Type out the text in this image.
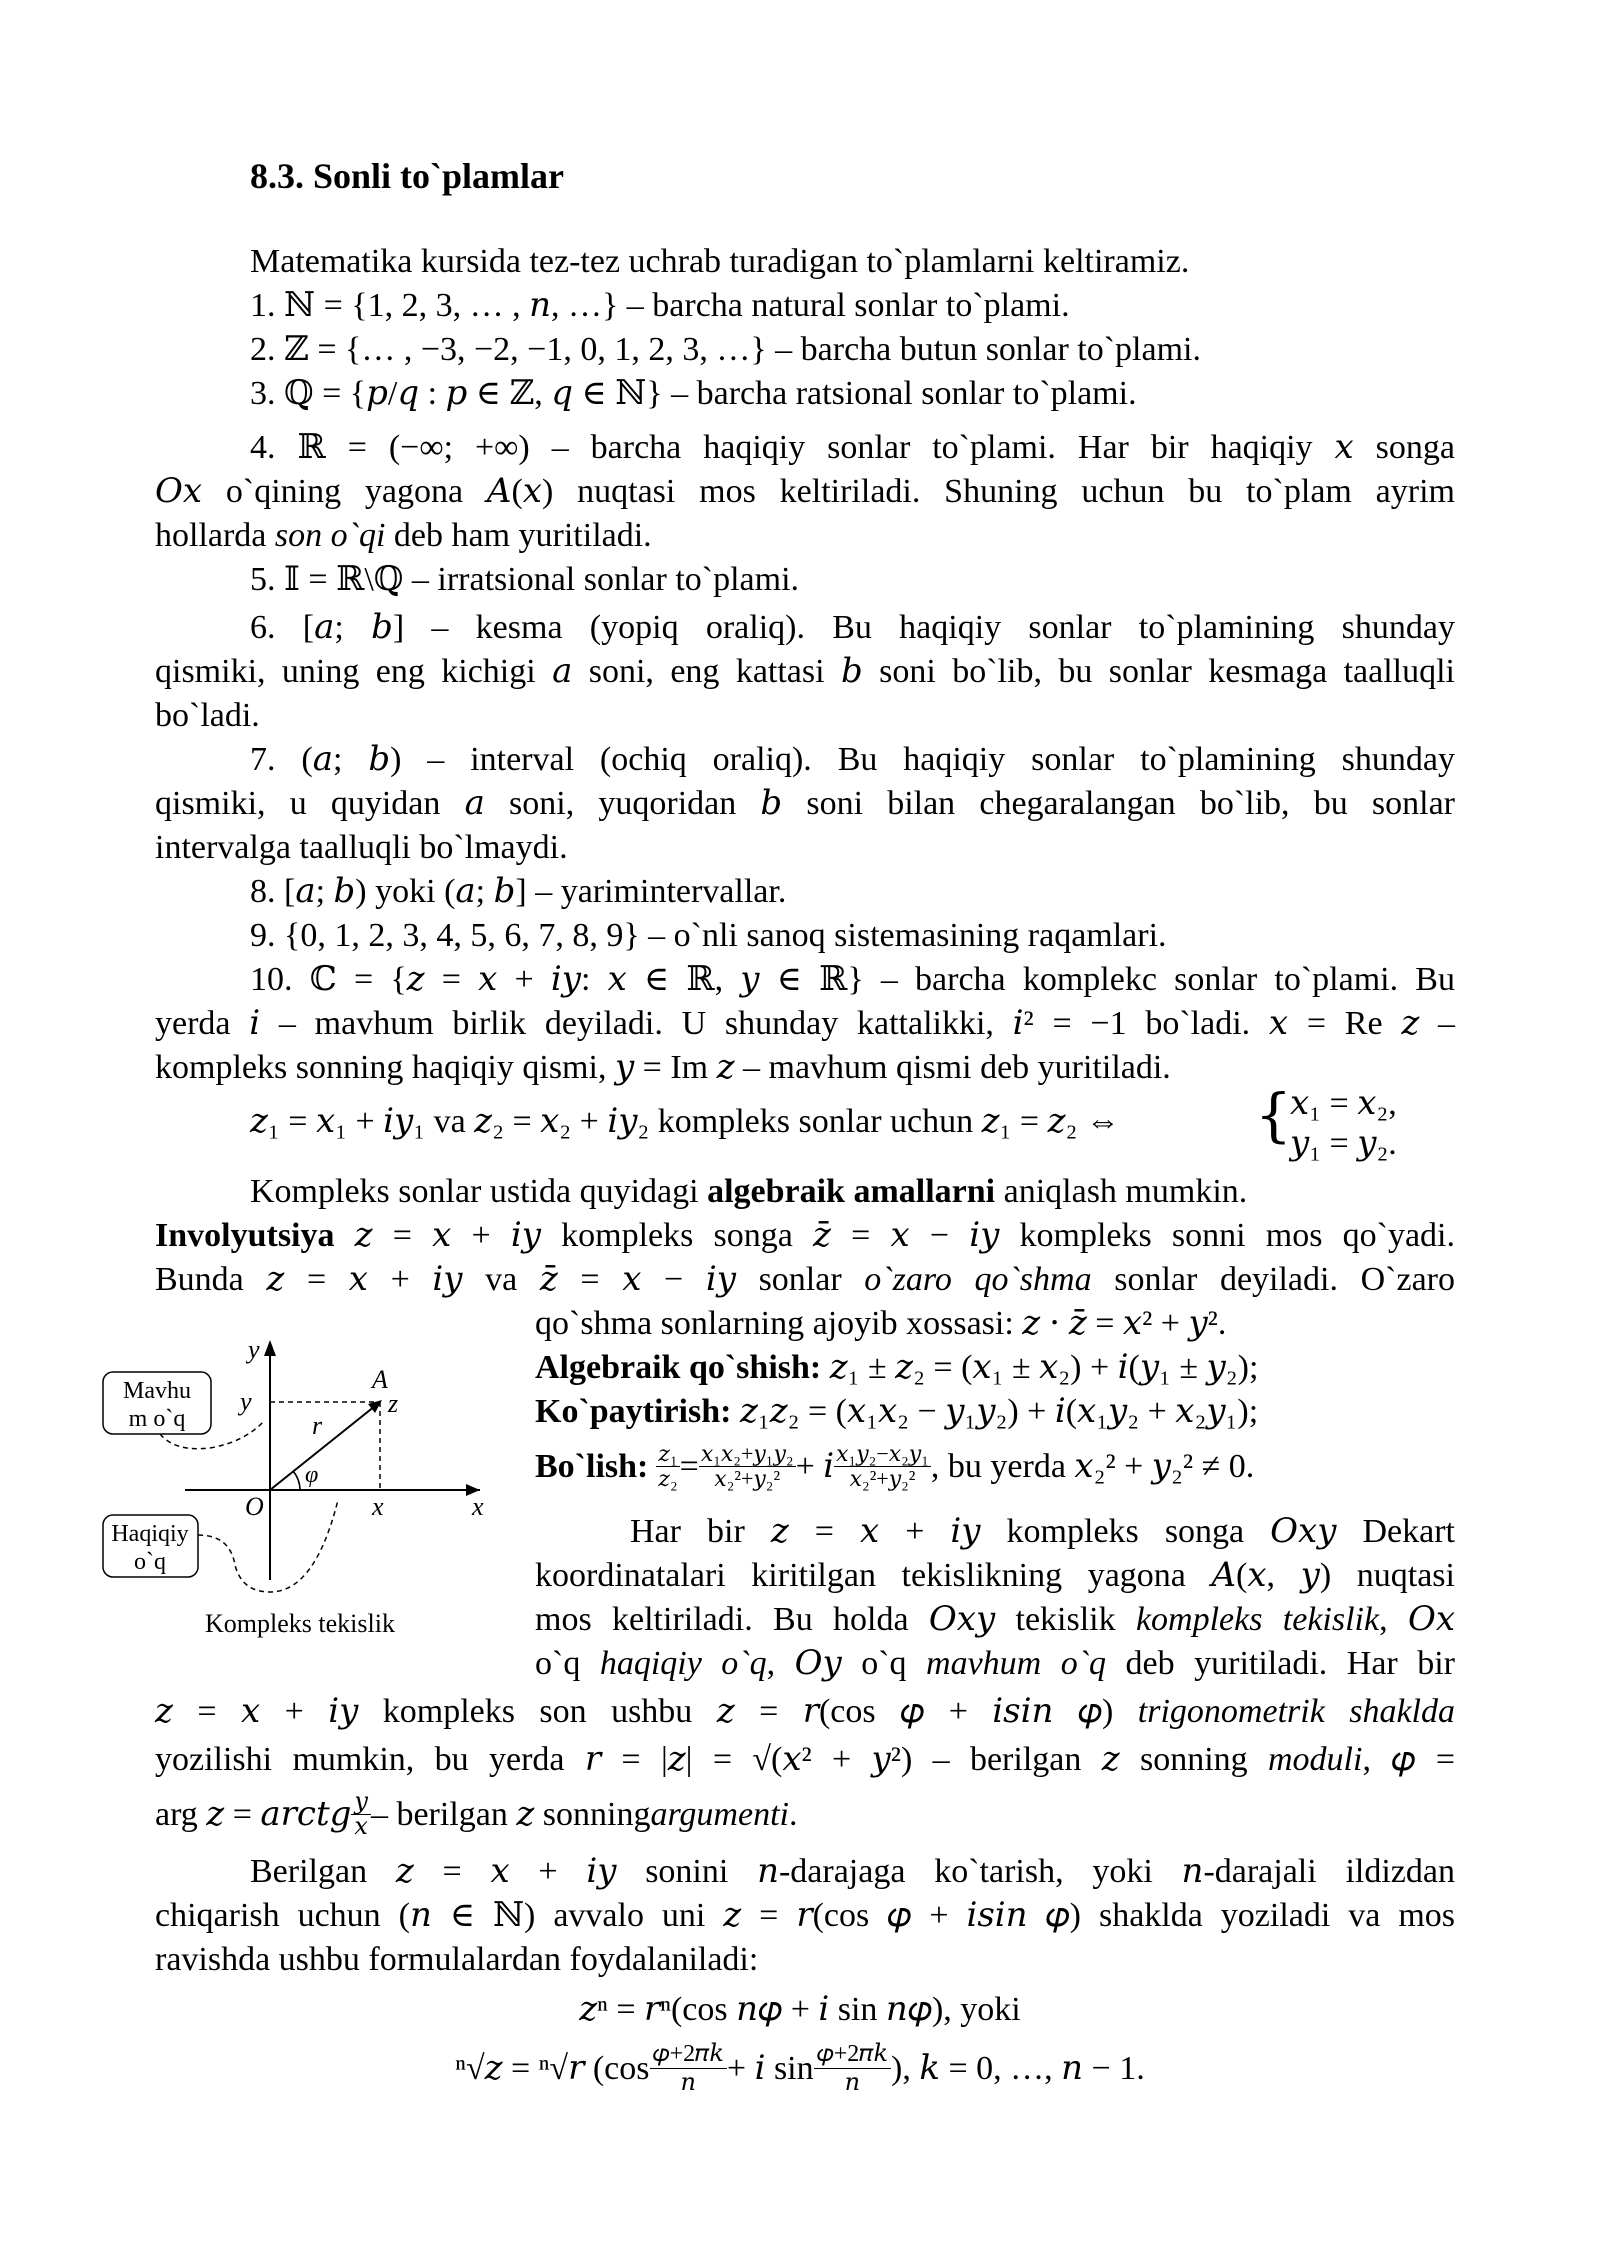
8.3. Sonli to`plamlar
Matematika kursida tez-tez uchrab turadigan to`plamlarni keltiramiz.
1. ℕ = {1, 2, 3, … , 𝑛, …} – barcha natural sonlar to`plami.
2. ℤ = {… , −3, −2, −1, 0, 1, 2, 3, …} – barcha butun sonlar to`plami.
3. ℚ = {𝑝/𝑞 : 𝑝 ∈ ℤ, 𝑞 ∈ ℕ} – barcha ratsional sonlar to`plami.
4. ℝ = (−∞; +∞) – barcha haqiqiy sonlar to`plami. Har bir haqiqiy 𝑥 songa
𝑂𝑥 o`qining yagona 𝐴(𝑥) nuqtasi mos keltiriladi. Shuning uchun bu to`plam ayrim
hollarda son o`qi deb ham yuritiladi.
5. 𝕀 = ℝ\ℚ – irratsional sonlar to`plami.
6. [𝑎; 𝑏] – kesma (yopiq oraliq). Bu haqiqiy sonlar to`plamining shunday
qismiki, uning eng kichigi 𝑎 soni, eng kattasi 𝑏 soni bo`lib, bu sonlar kesmaga taalluqli
bo`ladi.
7. (𝑎; 𝑏) – interval (ochiq oraliq). Bu haqiqiy sonlar to`plamining shunday
qismiki, u quyidan 𝑎 soni, yuqoridan 𝑏 soni bilan chegaralangan bo`lib, bu sonlar
intervalga taalluqli bo`lmaydi.
8. [𝑎; 𝑏) yoki (𝑎; 𝑏] – yarimintervallar.
9. {0, 1, 2, 3, 4, 5, 6, 7, 8, 9} – o`nli sanoq sistemasining raqamlari.
10. ℂ = {𝑧 = 𝑥 + 𝑖𝑦: 𝑥 ∈ ℝ, 𝑦 ∈ ℝ} – barcha komplekc sonlar to`plami. Bu
yerda 𝑖 – mavhum birlik deyiladi. U shunday kattalikki, 𝑖² = −1 bo`ladi. 𝑥 = Re 𝑧 –
kompleks sonning haqiqiy qismi, 𝑦 = Im 𝑧 – mavhum qismi deb yuritiladi.
𝑧₁ = 𝑥₁ + 𝑖𝑦₁ va 𝑧₂ = 𝑥₂ + 𝑖𝑦₂ kompleks sonlar uchun 𝑧₁ = 𝑧₂ ⇔ {
𝑥₁ = 𝑥₂,
𝑦₁ = 𝑦₂.
Kompleks sonlar ustida quyidagi algebraik amallarni aniqlash mumkin.
Involyutsiya 𝑧 = 𝑥 + 𝑖𝑦 kompleks songa 𝑧̄ = 𝑥 − 𝑖𝑦 kompleks sonni mos qo`yadi.
Bunda 𝑧 = 𝑥 + 𝑖𝑦 va 𝑧̄ = 𝑥 − 𝑖𝑦 sonlar o`zaro qo`shma sonlar deyiladi. O`zaro
qo`shma sonlarning ajoyib xossasi: 𝑧 ⋅ 𝑧̄ = 𝑥² + 𝑦².
Algebraik qo`shish: 𝑧₁ ± 𝑧₂ = (𝑥₁ ± 𝑥₂) + 𝑖(𝑦₁ ± 𝑦₂);
Ko`paytirish: 𝑧₁𝑧₂ = (𝑥₁𝑥₂ − 𝑦₁𝑦₂) + 𝑖(𝑥₁𝑦₂ + 𝑥₂𝑦₁);
Bo`lish: 𝑧₁
𝑧₂ = 𝑥₁𝑥₂+𝑦₁𝑦₂
𝑥₂²+𝑦₂² + 𝑖 𝑥₁𝑦₂−𝑥₂𝑦₁
𝑥₂²+𝑦₂² , bu yerda 𝑥₂² + 𝑦₂² ≠ 0.
Har bir 𝑧 = 𝑥 + 𝑖𝑦 kompleks songa 𝑂𝑥𝑦 Dekart
koordinatalari kiritilgan tekislikning yagona 𝐴(𝑥, 𝑦) nuqtasi
mos keltiriladi. Bu holda 𝑂𝑥𝑦 tekislik kompleks tekislik, 𝑂𝑥
o`q haqiqiy o`q, 𝑂𝑦 o`q mavhum o`q deb yuritiladi. Har bir
𝑧 = 𝑥 + 𝑖𝑦 kompleks son ushbu 𝑧 = 𝑟(cos 𝜑 + 𝑖𝑠𝑖𝑛 𝜑) trigonometrik shaklda
yozilishi mumkin, bu yerda 𝑟 = |𝑧| = √(𝑥² + 𝑦²) – berilgan 𝑧 sonning moduli, 𝜑 =
arg 𝑧 = 𝑎𝑟𝑐𝑡𝑔 𝑦
𝑥 – berilgan 𝑧 sonning argumenti .
Berilgan 𝑧 = 𝑥 + 𝑖𝑦 sonini 𝑛-darajaga ko`tarish, yoki 𝑛-darajali ildizdan
chiqarish uchun (𝑛 ∈ ℕ) avvalo uni 𝑧 = 𝑟(cos 𝜑 + 𝑖𝑠𝑖𝑛 𝜑) shaklda yoziladi va mos
ravishda ushbu formulalardan foydalaniladi:
𝑧ⁿ = 𝑟ⁿ(cos 𝑛𝜑 + 𝑖 sin 𝑛𝜑), yoki
ⁿ√𝑧 = ⁿ√𝑟 (cos 𝜑+2𝜋𝑘
𝑛 + 𝑖 sin 𝜑+2𝜋𝑘
𝑛 ), 𝑘 = 0, …, 𝑛 − 1.
y
y
A
z
r
φ
O	x	x
Mavhu
m o`q
Haqiqiy
o`q
Kompleks tekislik
